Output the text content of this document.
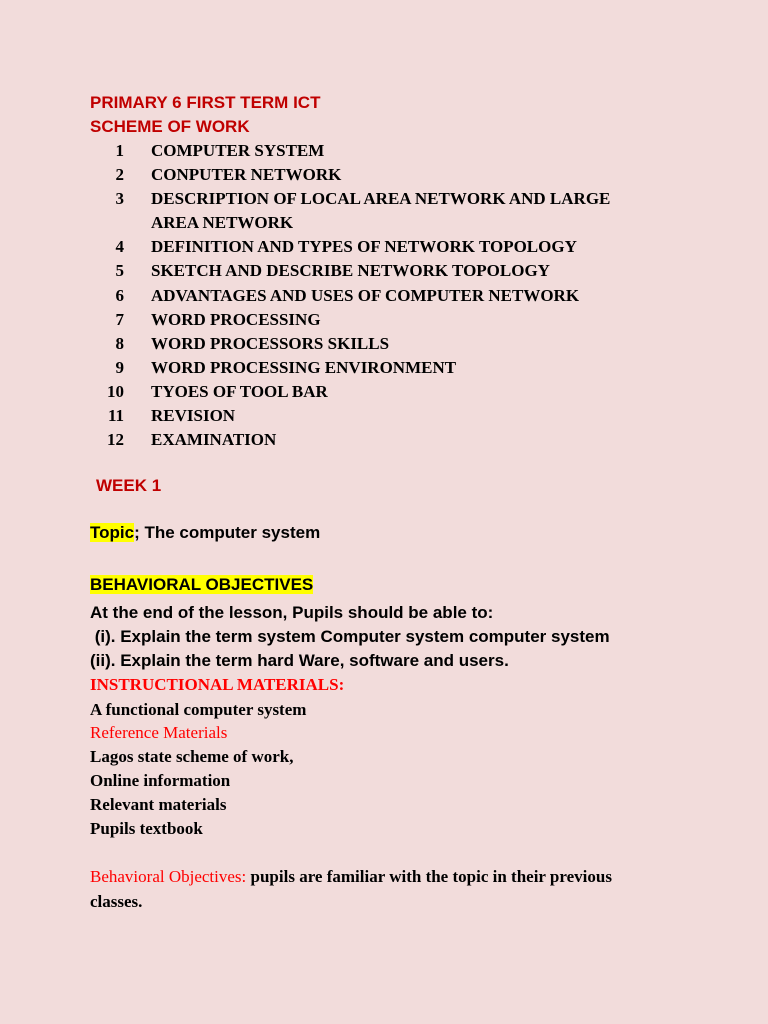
PRIMARY 6 FIRST TERM ICT
SCHEME OF WORK
1 COMPUTER SYSTEM
2 CONPUTER NETWORK
3 DESCRIPTION OF LOCAL AREA NETWORK AND LARGE AREA NETWORK
4 DEFINITION AND TYPES OF NETWORK TOPOLOGY
5 SKETCH AND DESCRIBE NETWORK TOPOLOGY
6 ADVANTAGES AND USES OF COMPUTER NETWORK
7 WORD PROCESSING
8 WORD PROCESSORS SKILLS
9 WORD PROCESSING ENVIRONMENT
10 TYOES OF TOOL BAR
11 REVISION
12 EXAMINATION
WEEK 1
Topic; The computer system
BEHAVIORAL OBJECTIVES
At the end of the lesson, Pupils should be able to:
(i). Explain the term system Computer system computer system
(ii). Explain the term hard Ware, software and users.
INSTRUCTIONAL MATERIALS:
A functional computer system
Reference Materials
Lagos state scheme of work,
Online information
Relevant materials
Pupils textbook
Behavioral Objectives: pupils are familiar with the topic in their previous classes.
